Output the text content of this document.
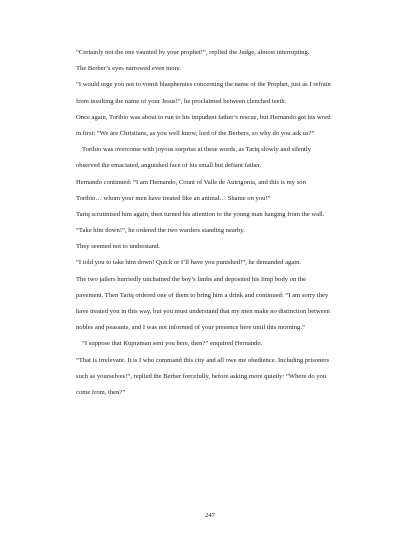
“Certainly not the one vaunted by your prophet!”, replied the Judge, almost interrupting.
The Berber’s eyes narrowed even more.
“I would urge you not to vomit blasphemies concerning the name of the Prophet, just as I refrain
from insulting the name of your Jesus!”, he proclaimed between clenched teeth.
Once again, Toribio was about to run to his impudent father’s rescue, but Hernando got his word
in first: “We are Christians, as you well know, lord of the Berbers, so why do you ask us?”
Toribio was overcome with joyous surprise at these words, as Tariq slowly and silently
observed the emaciated, anguished face of his small but defiant father.
Hernando continued: “I am Hernando, Count of Valle de Autrigonia, and this is my son
Toribio… whom your men have treated like an animal… Shame on you!”
Tariq scrutinised him again, then turned his attention to the young man hanging from the wall.
“Take him down!”, he ordered the two warders standing nearby.
They seemed not to understand.
“I told you to take him down! Quick or I’ll have you punished!”, he demanded again.
The two jailers hurriedly unchained the boy’s limbs and deposited his limp body on the
pavement. Then Tariq ordered one of them to bring him a drink and continued: “I am sorry they
have treated you in this way, but you must understand that my men make no distinction between
nobles and peasants, and I was not informed of your presence here until this morning.”
“I suppose that Kupraman sent you here, then?” enquired Hernando.
“That is irrelevant. It is I who command this city and all owe me obedience. Including prisoners
such as yourselves!”, replied the Berber forcefully, before asking more quietly: “Where do you
come from, then?”
247
